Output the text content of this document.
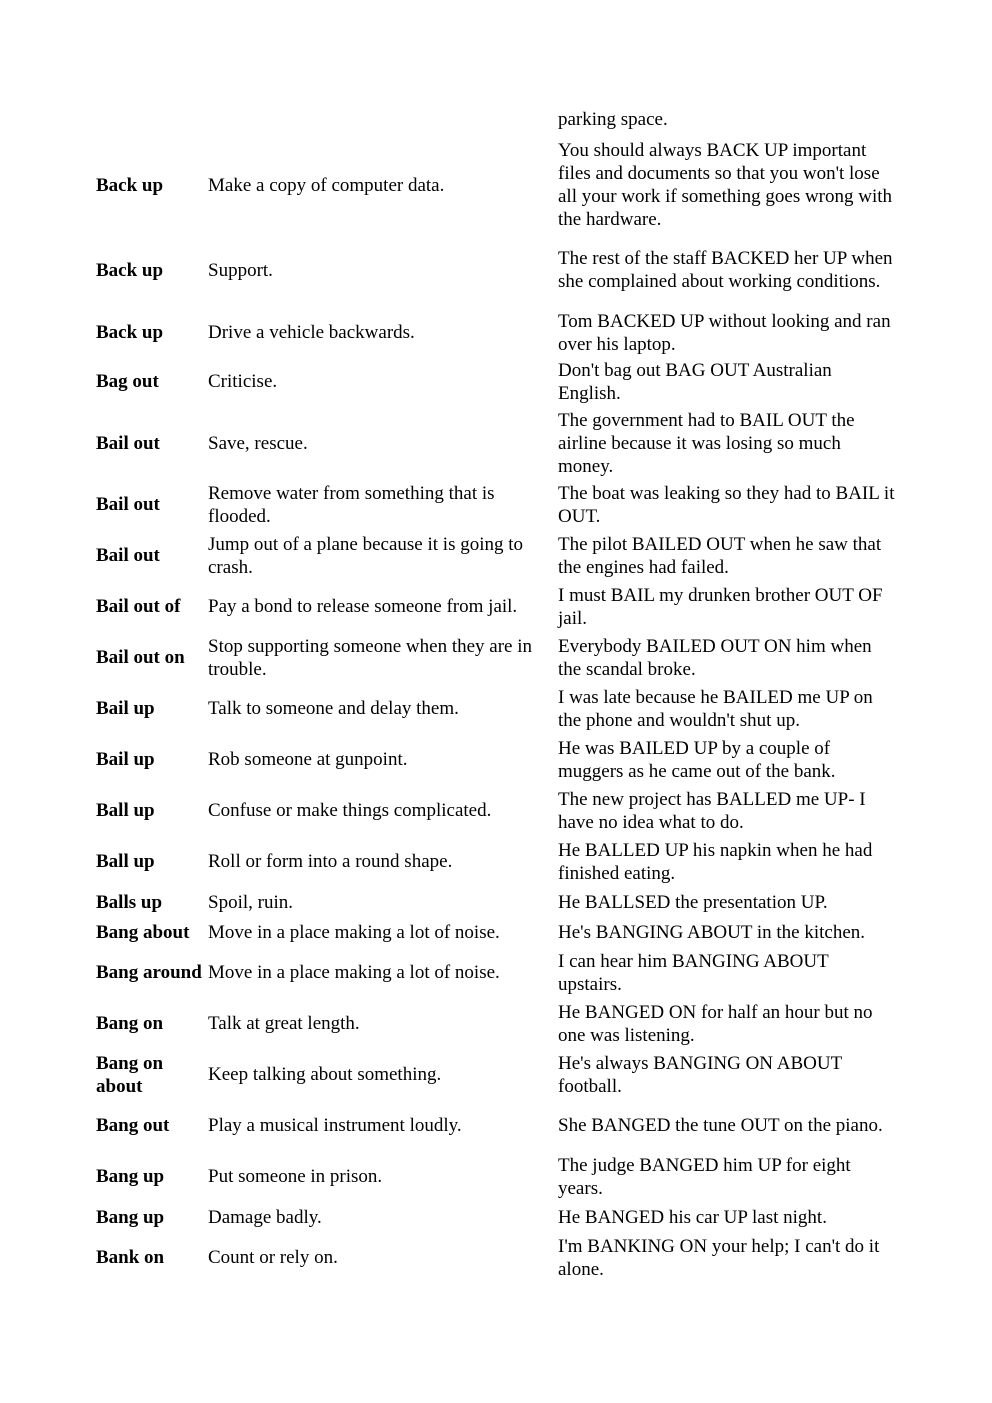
parking space.
Back up	Make a copy of computer data.	You should always BACK UP important files and documents so that you won't lose all your work if something goes wrong with the hardware.
Back up	Support.	The rest of the staff BACKED her UP when she complained about working conditions.
Back up	Drive a vehicle backwards.	Tom BACKED UP without looking and ran over his laptop.
Bag out	Criticise.	Don't bag out BAG OUT Australian English.
Bail out	Save, rescue.	The government had to BAIL OUT the airline because it was losing so much money.
Bail out	Remove water from something that is flooded.	The boat was leaking so they had to BAIL it OUT.
Bail out	Jump out of a plane because it is going to crash.	The pilot BAILED OUT when he saw that the engines had failed.
Bail out of	Pay a bond to release someone from jail.	I must BAIL my drunken brother OUT OF jail.
Bail out on	Stop supporting someone when they are in trouble.	Everybody BAILED OUT ON him when the scandal broke.
Bail up	Talk to someone and delay them.	I was late because he BAILED me UP on the phone and wouldn't shut up.
Bail up	Rob someone at gunpoint.	He was BAILED UP by a couple of muggers as he came out of the bank.
Ball up	Confuse or make things complicated.	The new project has BALLED me UP- I have no idea what to do.
Ball up	Roll or form into a round shape.	He BALLED UP his napkin when he had finished eating.
Balls up	Spoil, ruin.	He BALLSED the presentation UP.
Bang about	Move in a place making a lot of noise.	He's BANGING ABOUT in the kitchen.
Bang around	Move in a place making a lot of noise.	I can hear him BANGING ABOUT upstairs.
Bang on	Talk at great length.	He BANGED ON for half an hour but no one was listening.
Bang on about	Keep talking about something.	He's always BANGING ON ABOUT football.
Bang out	Play a musical instrument loudly.	She BANGED the tune OUT on the piano.
Bang up	Put someone in prison.	The judge BANGED him UP for eight years.
Bang up	Damage badly.	He BANGED his car UP last night.
Bank on	Count or rely on.	I'm BANKING ON your help; I can't do it alone.
